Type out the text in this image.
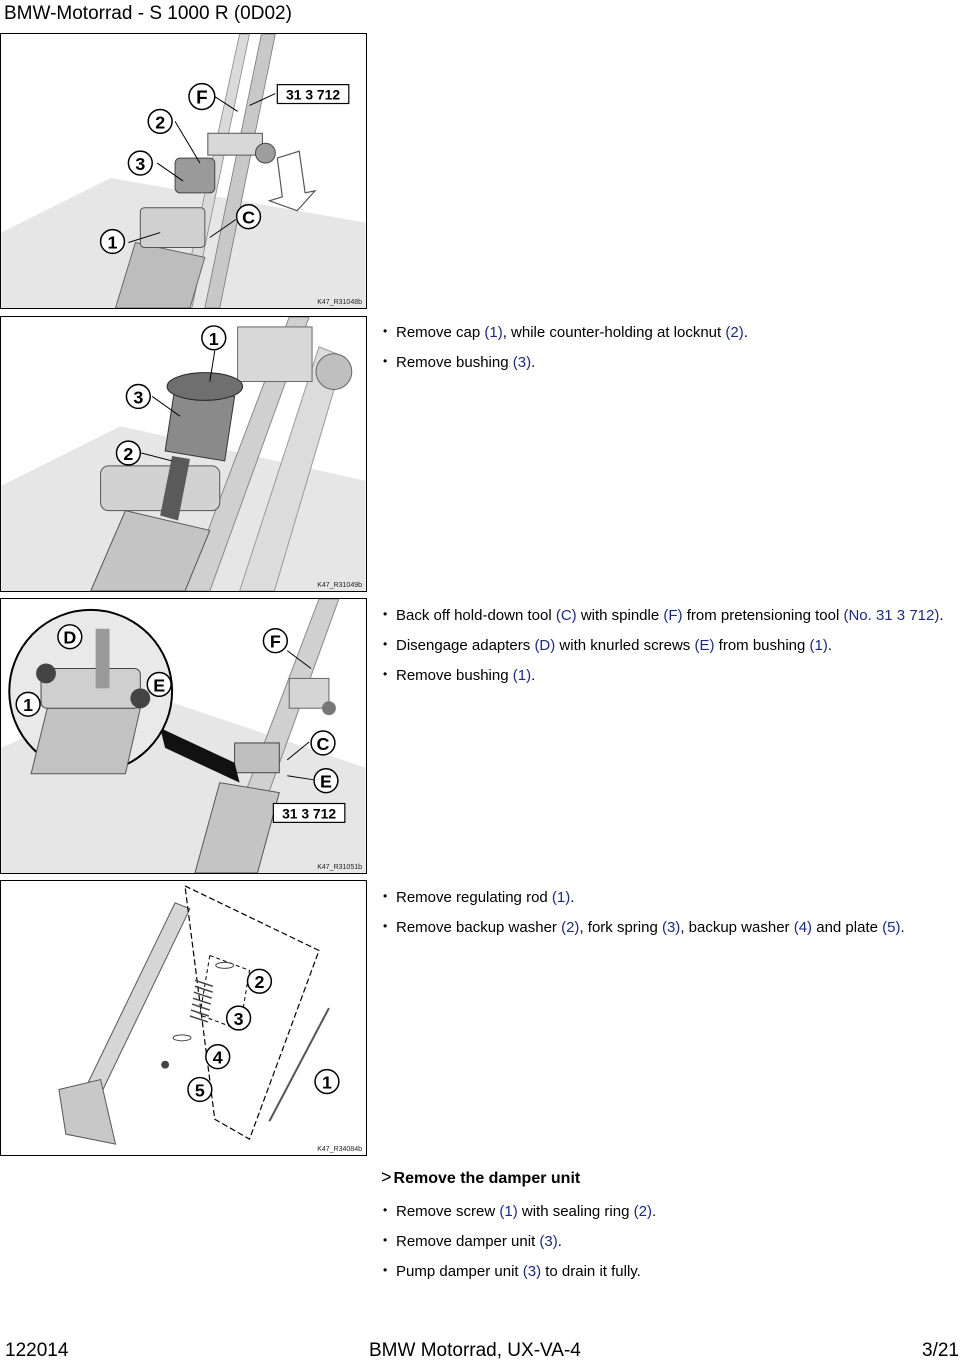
BMW-Motorrad - S 1000 R (0D02)
F
2
3
C
1
31 3 712
K47_R31048b
1
3
2
K47_R31049b
D
E
1
F
C
E
31 3 712
K47_R31051b
2
3
4
5	1
K47_R34084b
• Remove cap (1), while counter-holding at locknut (2).
• Remove bushing (3).
• Back off hold-down tool (C) with spindle (F) from pretensioning tool (No. 31 3 712).
• Disengage adapters (D) with knurled screws (E) from bushing (1).
• Remove bushing (1).
• Remove regulating rod (1).
• Remove backup washer (2), fork spring (3), backup washer (4) and plate (5).
> Remove the damper unit
• Remove screw (1) with sealing ring (2).
• Remove damper unit (3).
• Pump damper unit (3) to drain it fully.
122014	BMW Motorrad, UX-VA-4	3/21
